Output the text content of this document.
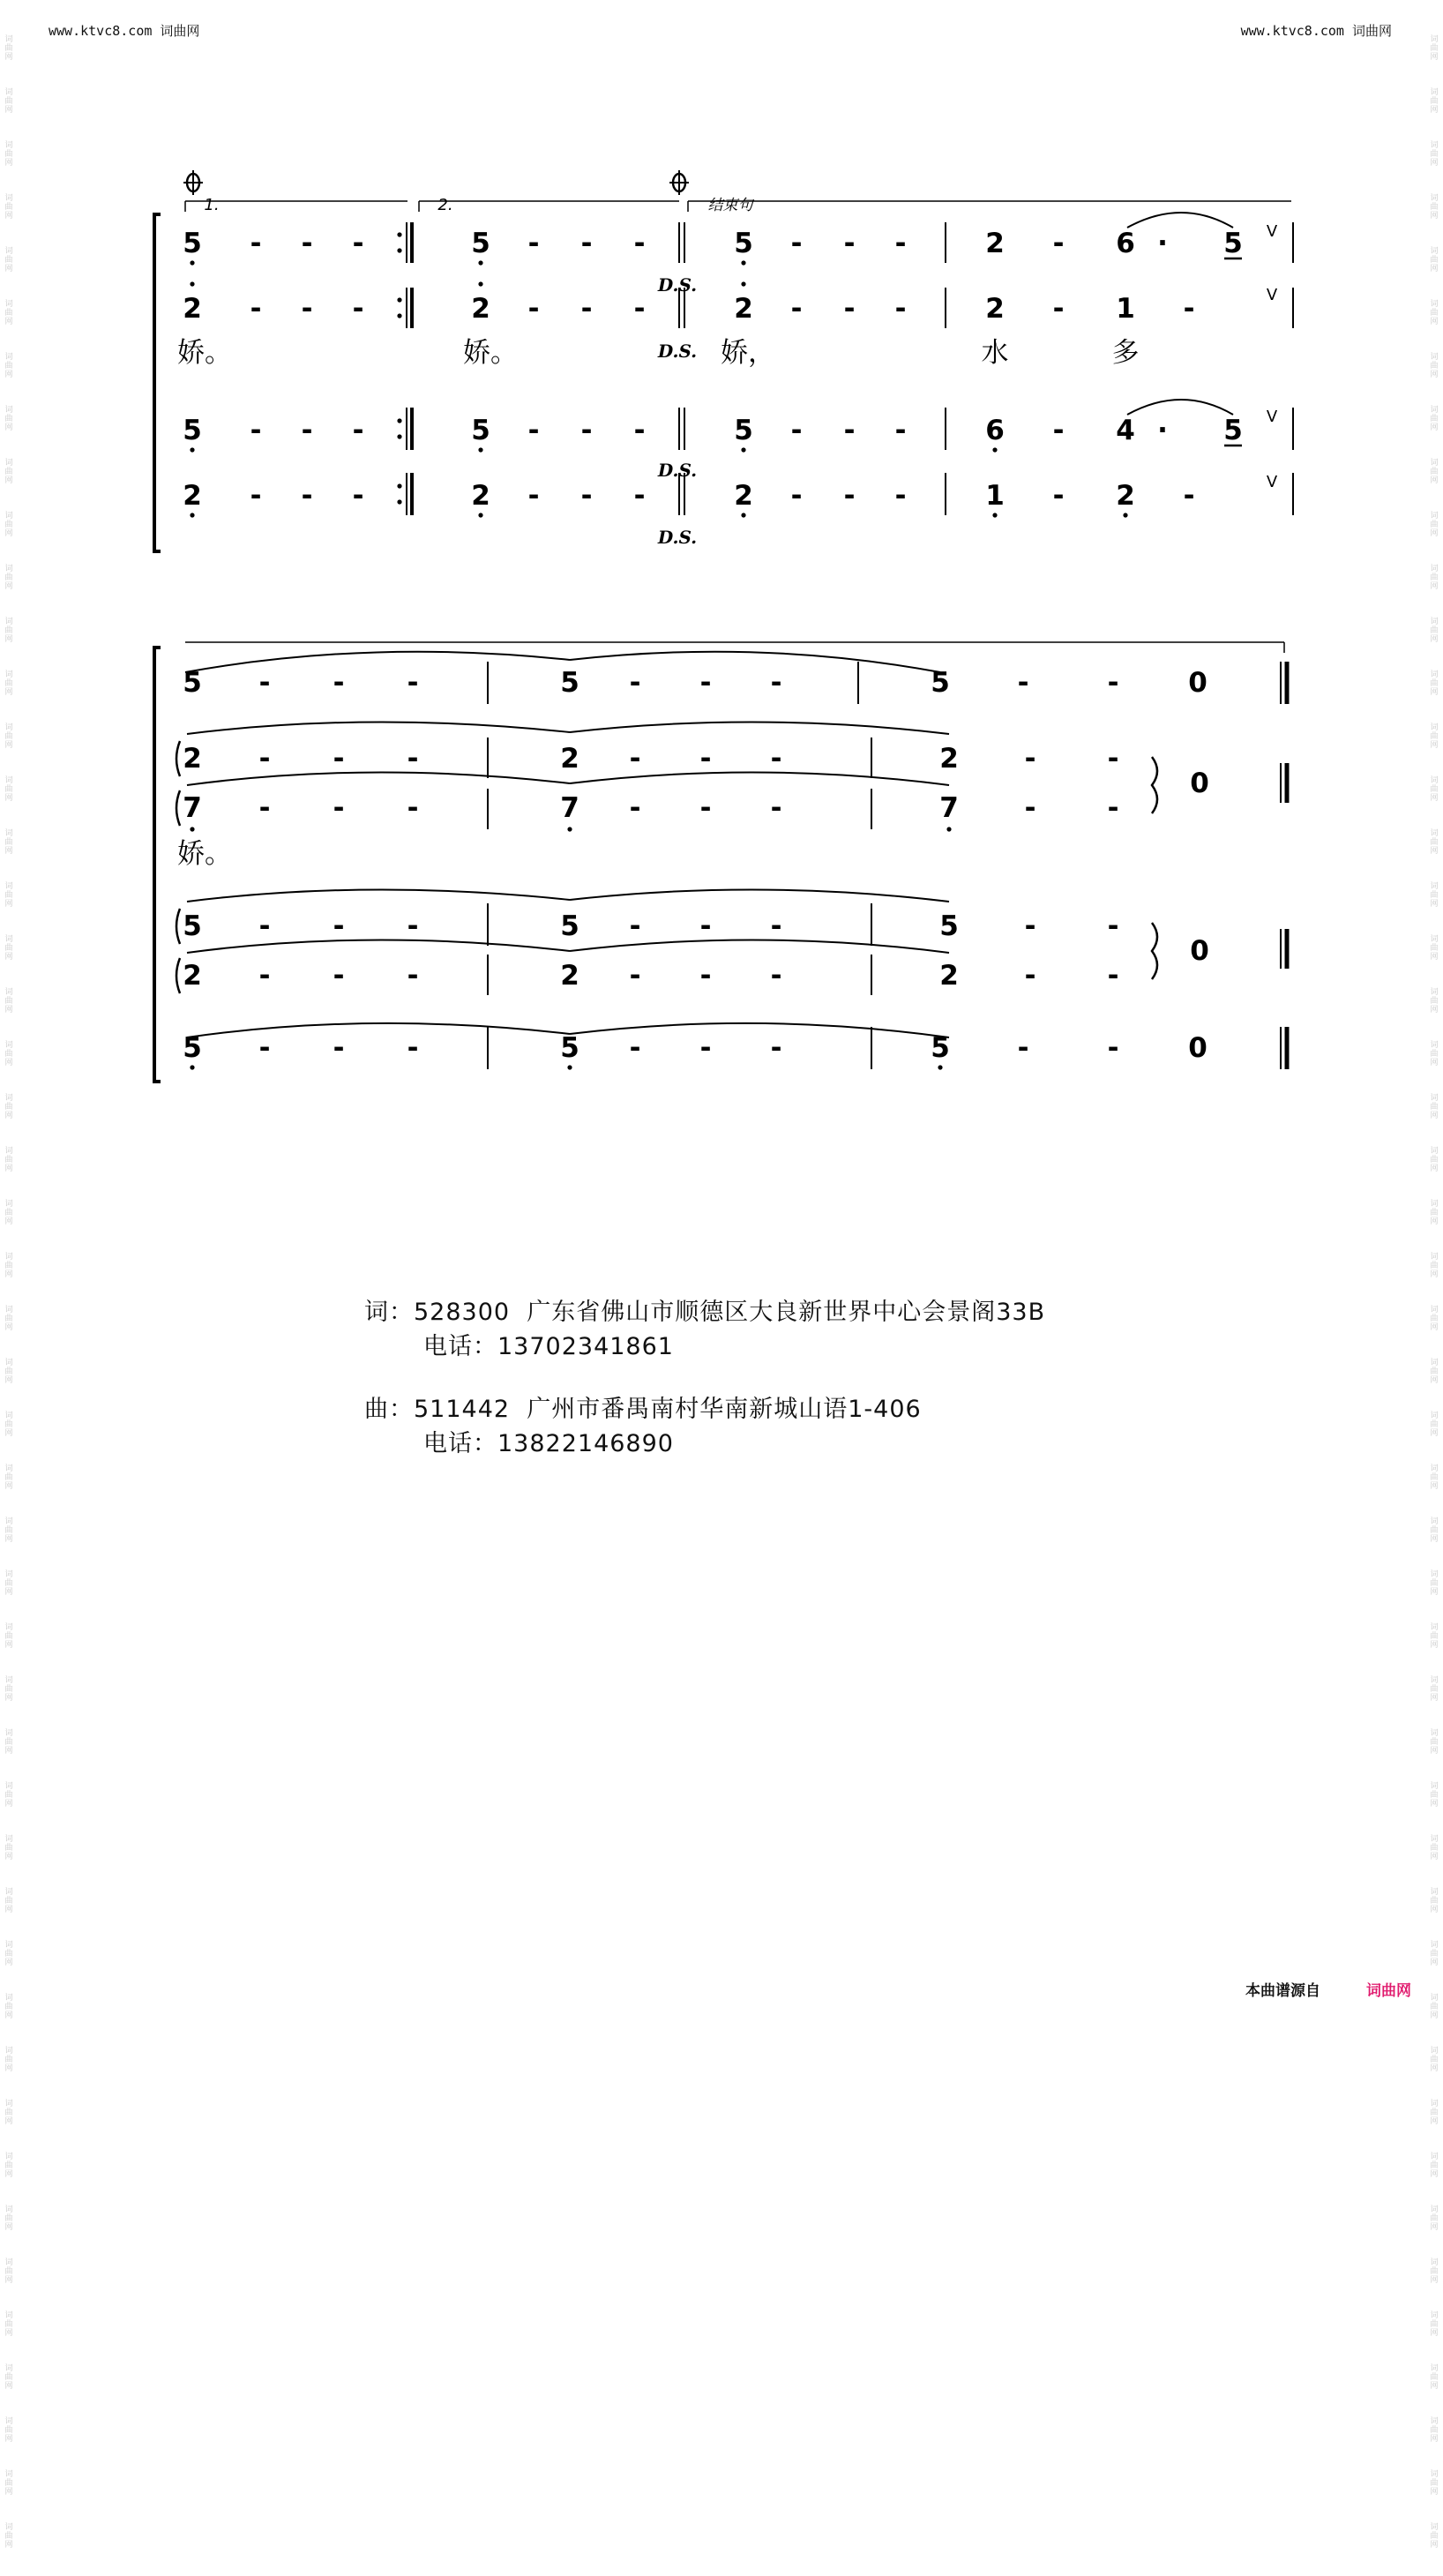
www.ktvc8.com 词曲网	www.ktvc8.com 词曲网
词
曲
网
词
曲
网
词
曲
网
词
曲
网
词
曲
网
词
曲
网
词
曲
网
词
曲
网
词
曲
网
词
曲
网
词
曲
网
词
曲
网
词
曲
网
词
曲
网
词
曲
网
词
曲
网
词
曲
网
词
曲
网
词
曲
网
词
曲
网
词
曲
网
词
曲
网
词
曲
网
词
曲
网
词
曲
网
词
曲
网
词
曲
网
词
曲
网
词
曲
网
词
曲
网
词
曲
网
词
曲
网
词
曲
网
词
曲
网
词
曲
网
词
曲
网
词
曲
网
词
曲
网
词
曲
网
词
曲
网
词
曲
网
词
曲
网
词
曲
网
词
曲
网
词
曲
网
词
曲
网
词
曲
网
词
曲
网
词
曲
网
词
曲
网
词
曲
网
词
曲
网
词
曲
网
词
曲
网
词
曲
网
词
曲
网
词
曲
网
词
曲
网
词
曲
网
词
曲
网
词
曲
网
词
曲
网
词
曲
网
词
曲
网
词
曲
网
词
曲
网
词
曲
网
词
曲
网
词
曲
网
词
曲
网
词
曲
网
词
曲
网
词
曲
网
词
曲
网
词
曲
网
词
曲
网
词
曲
网
词
曲
网
词
曲
网
词
曲
网
词
曲
网
词
曲
网
词
曲
网
词
曲
网
词
曲
网
词
曲
网
词
曲
网
词
曲
网
词
曲
网
词
曲
网
词
曲
网
词
曲
网
词
曲
网
词
曲
网
词
曲
网
词
曲
网
1.	2.	结束句
5 - - -	5 - - -	5 - - -	2 - 6 · 5 V
2 - - -	2 - - -	2 - - -	2 - 1 -
D.S.	V
娇。	娇。	娇，	水	多
D.S.
5 - - -	5 - - -	5 - - -	6 - 4 · 5 V
2 - - -	2 - - -	2 - - -	1 - 2 -
D.S.
D.S.
V
5 - - -	5 - - -	5 -	-	0
2 - - -	2 - - -	2 -	-
7 - - -	7 - - -	7 -	-
0
娇。
5 - - -	5 - - -	5 -	-
2 - - -	2 - - -	2 -	-
0
5 - - -	5 - - -	5 -	-	0
词：528300  广东省佛山市顺德区大良新世界中心会景阁33B
电话：13702341861
曲：511442  广州市番禺南村华南新城山语1-406
电话：13822146890
本曲谱源自	词曲网
